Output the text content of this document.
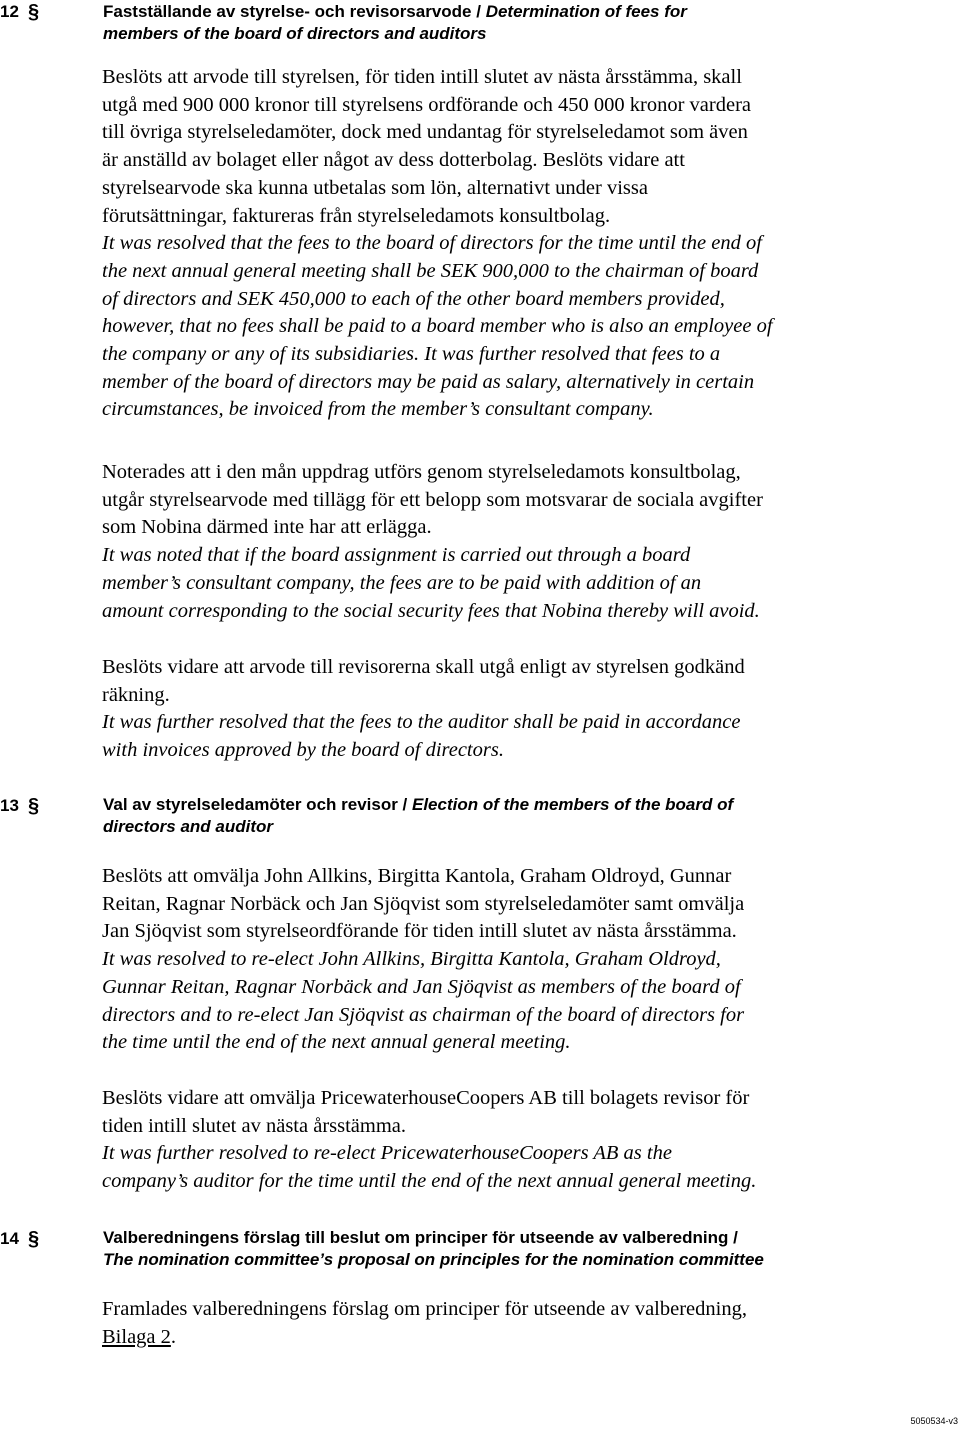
12 §	Fastställande av styrelse- och revisorsarvode / Determination of fees for
members of the board of directors and auditors

Beslöts att arvode till styrelsen, för tiden intill slutet av nästa årsstämma, skall
utgå med 900 000 kronor till styrelsens ordförande och 450 000 kronor vardera
till övriga styrelseledamöter, dock med undantag för styrelseledamot som även
är anställd av bolaget eller något av dess dotterbolag. Beslöts vidare att
styrelsearvode ska kunna utbetalas som lön, alternativt under vissa
förutsättningar, faktureras från styrelseledamots konsultbolag.
It was resolved that the fees to the board of directors for the time until the end of
the next annual general meeting shall be SEK 900,000 to the chairman of board
of directors and SEK 450,000 to each of the other board members provided,
however, that no fees shall be paid to a board member who is also an employee of
the company or any of its subsidiaries. It was further resolved that fees to a
member of the board of directors may be paid as salary, alternatively in certain
circumstances, be invoiced from the member’s consultant company.

Noterades att i den mån uppdrag utförs genom styrelseledamots konsultbolag,
utgår styrelsearvode med tillägg för ett belopp som motsvarar de sociala avgifter
som Nobina därmed inte har att erlägga.
It was noted that if the board assignment is carried out through a board
member’s consultant company, the fees are to be paid with addition of an
amount corresponding to the social security fees that Nobina thereby will avoid.

Beslöts vidare att arvode till revisorerna skall utgå enligt av styrelsen godkänd
räkning.
It was further resolved that the fees to the auditor shall be paid in accordance
with invoices approved by the board of directors.

13 §	Val av styrelseledamöter och revisor / Election of the members of the board of
directors and auditor

Beslöts att omvälja John Allkins, Birgitta Kantola, Graham Oldroyd, Gunnar
Reitan, Ragnar Norbäck och Jan Sjöqvist som styrelseledamöter samt omvälja
Jan Sjöqvist som styrelseordförande för tiden intill slutet av nästa årsstämma.
It was resolved to re-elect John Allkins, Birgitta Kantola, Graham Oldroyd,
Gunnar Reitan, Ragnar Norbäck and Jan Sjöqvist as members of the board of
directors and to re-elect Jan Sjöqvist as chairman of the board of directors for
the time until the end of the next annual general meeting.

Beslöts vidare att omvälja PricewaterhouseCoopers AB till bolagets revisor för
tiden intill slutet av nästa årsstämma.
It was further resolved to re-elect PricewaterhouseCoopers AB as the
company’s auditor for the time until the end of the next annual general meeting.

14 §	Valberedningens förslag till beslut om principer för utseende av valberedning /
The nomination committee’s proposal on principles for the nomination committee

Framlades valberedningens förslag om principer för utseende av valberedning,
Bilaga 2.

5050534-v3
